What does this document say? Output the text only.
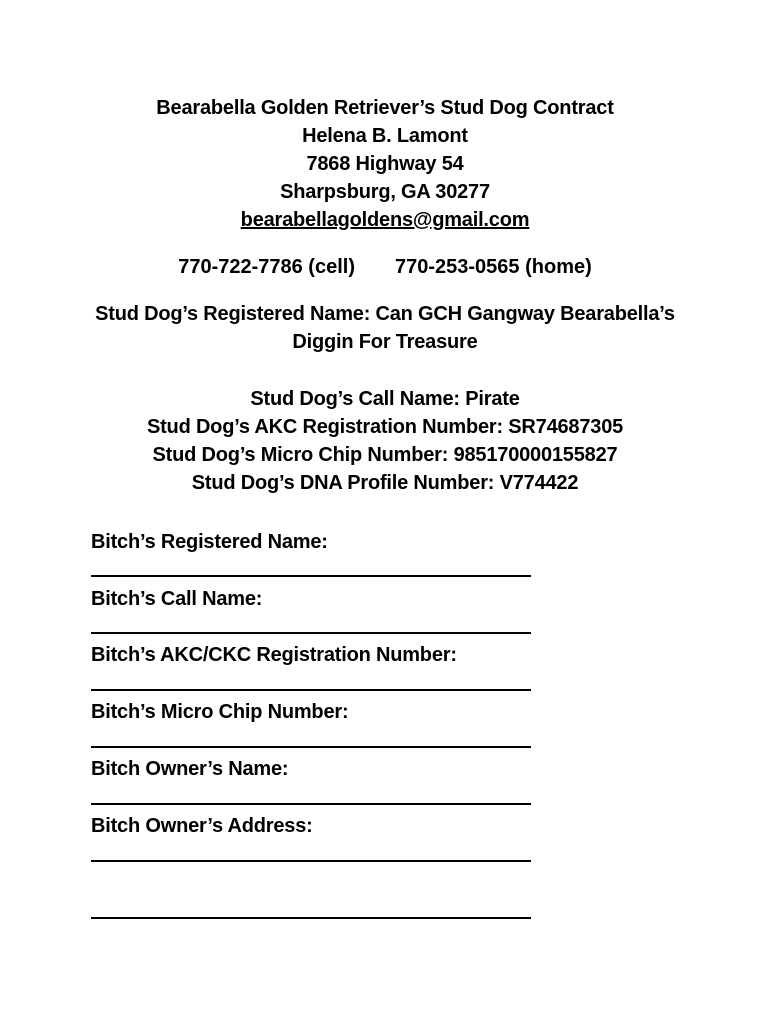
Bearabella Golden Retriever’s Stud Dog Contract
Helena B. Lamont
7868 Highway 54
Sharpsburg, GA 30277
bearabellagoldens@gmail.com
770-722-7786 (cell) 770-253-0565 (home)
Stud Dog’s Registered Name: Can GCH Gangway Bearabella’s
Diggin For Treasure
Stud Dog’s Call Name: Pirate
Stud Dog’s AKC Registration Number: SR74687305
Stud Dog’s Micro Chip Number: 985170000155827
Stud Dog’s DNA Profile Number: V774422
Bitch’s Registered Name:
Bitch’s Call Name:
Bitch’s AKC/CKC Registration Number:
Bitch’s Micro Chip Number:
Bitch Owner’s Name:
Bitch Owner’s Address:
